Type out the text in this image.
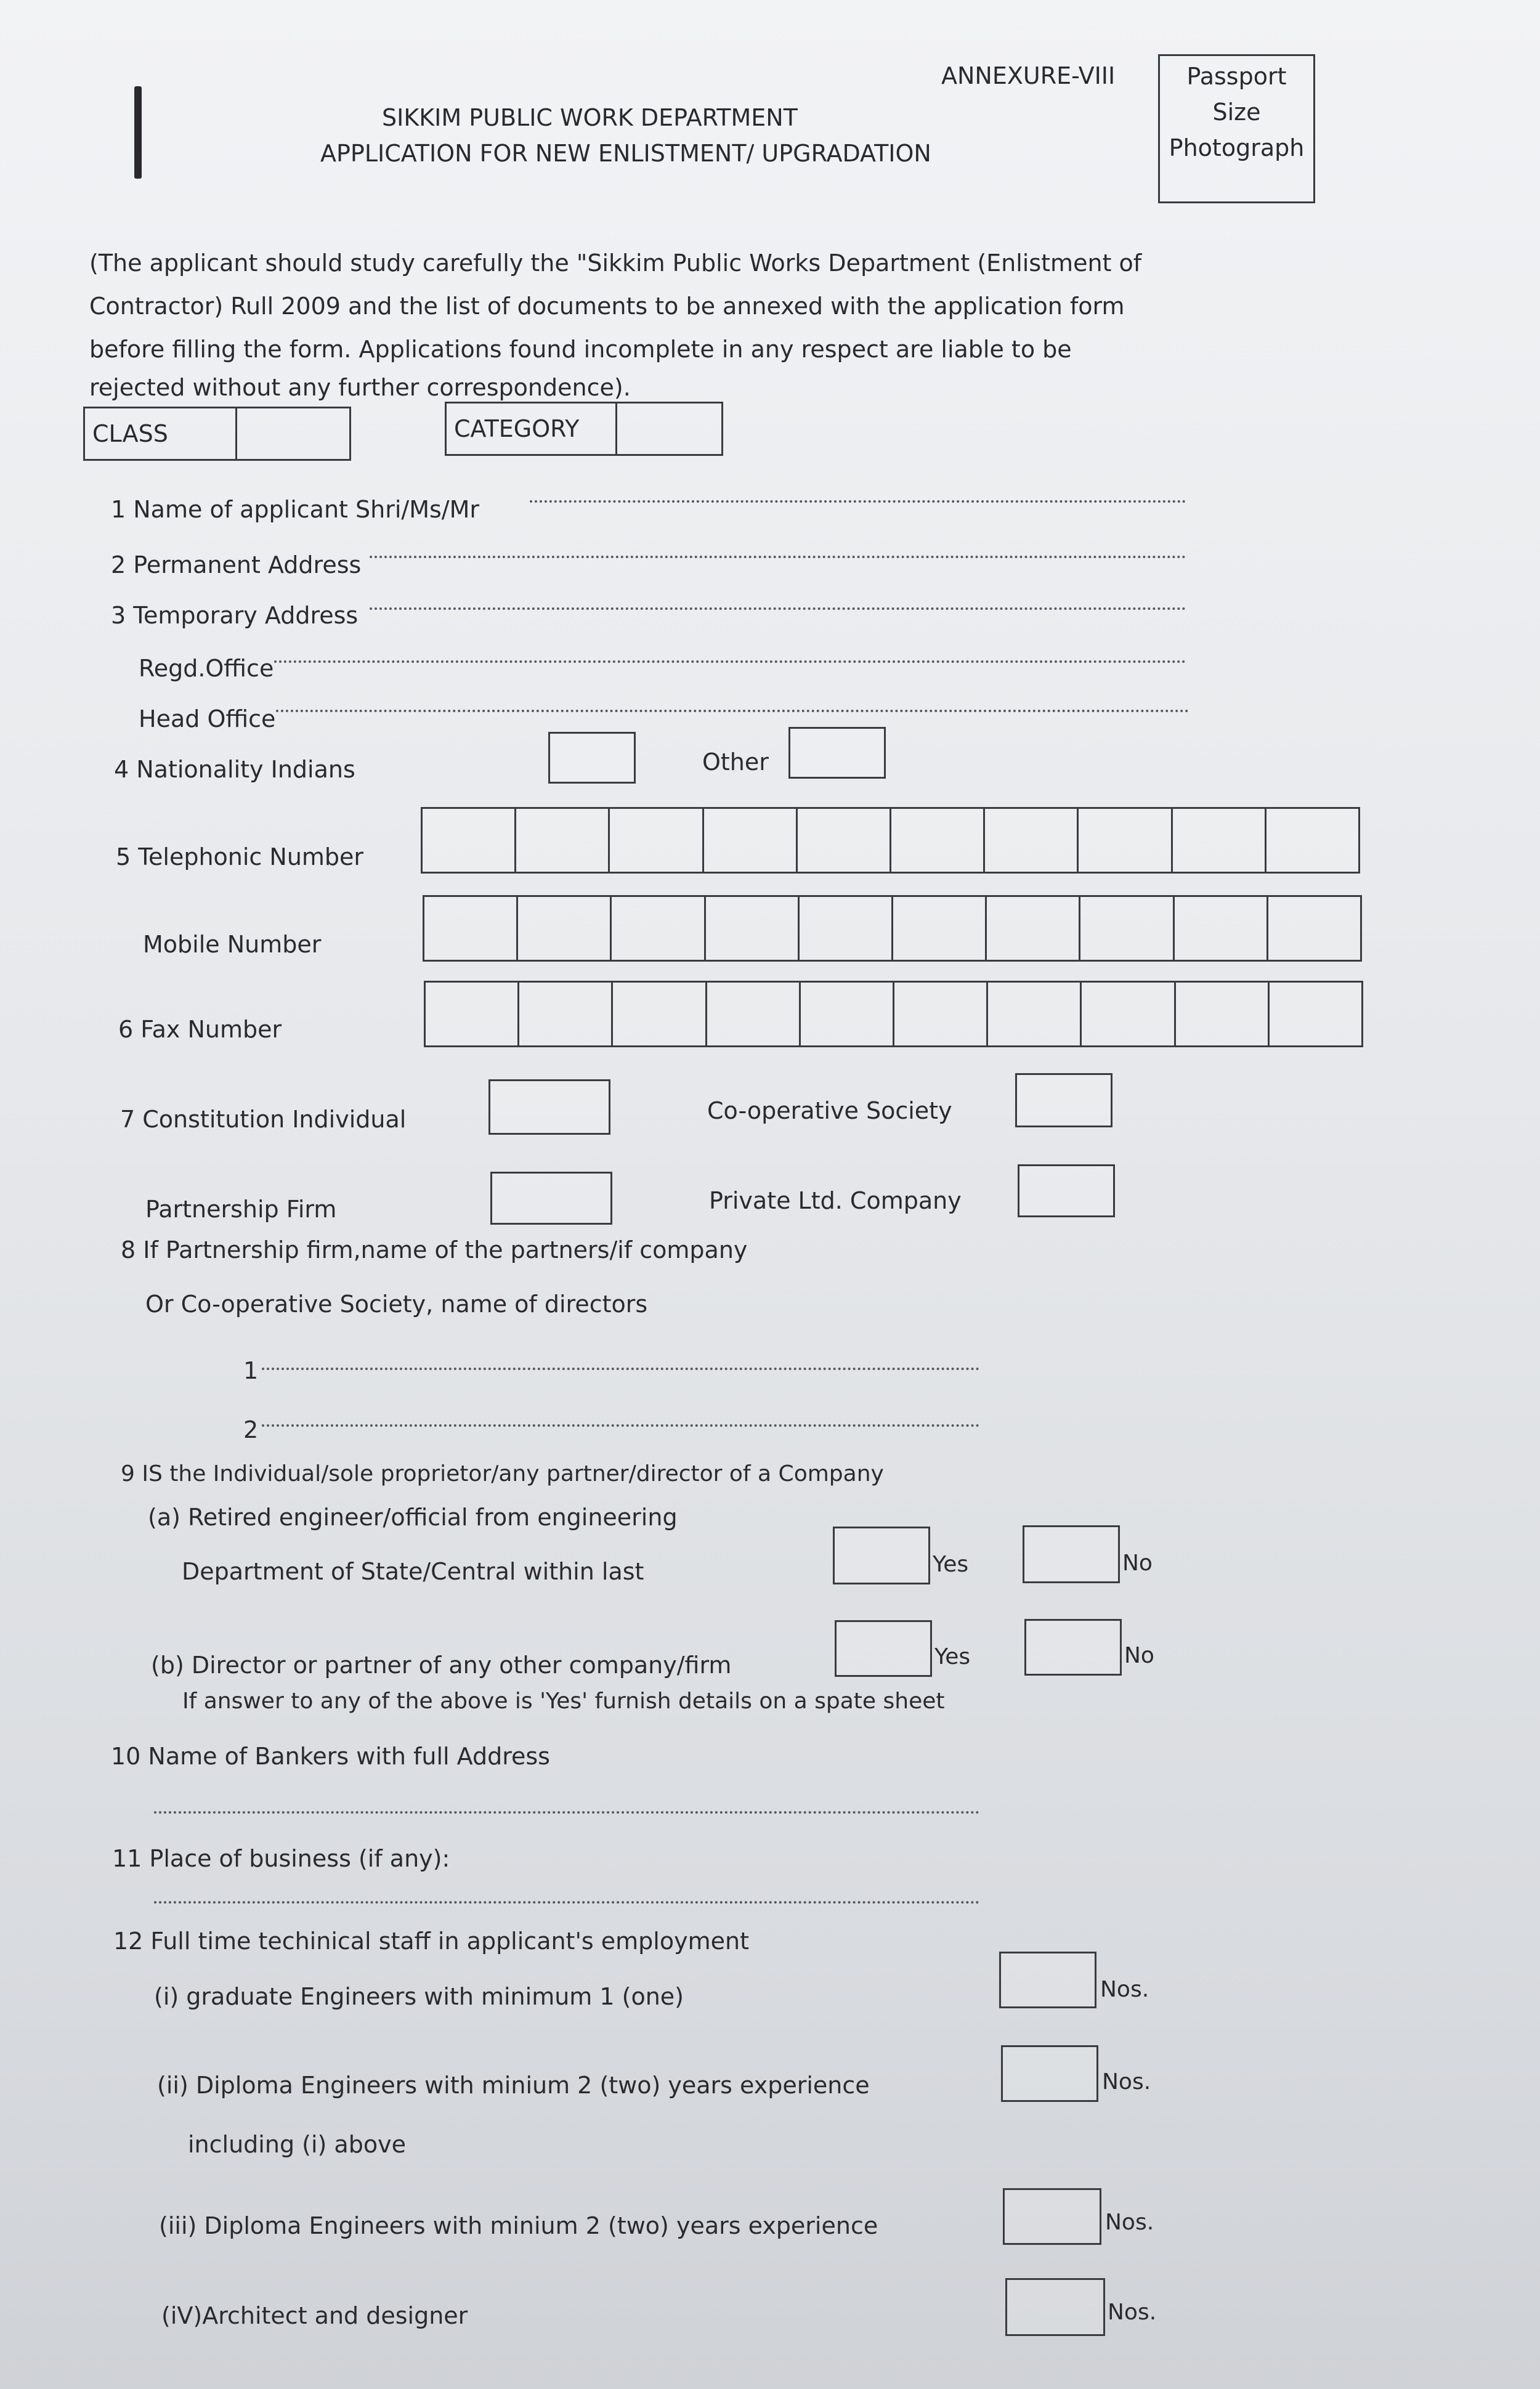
ANNEXURE-VIII
SIKKIM PUBLIC WORK DEPARTMENT
APPLICATION FOR NEW ENLISTMENT/ UPGRADATION
Passport
Size
Photograph
(The applicant should study carefully the "Sikkim Public Works Department (Enlistment of
Contractor) Rull 2009 and the list of documents to be annexed with the application form
before filling the form. Applications found incomplete in any respect are liable to be
rejected without any further correspondence).
CLASS	CATEGORY
1 Name of applicant Shri/Ms/Mr
2 Permanent Address
3 Temporary Address
Regd.Office
Head Office
4 Nationality Indians	Other
5 Telephonic Number
Mobile Number
6 Fax Number
7 Constitution Individual	Co-operative Society
Partnership Firm	Private Ltd. Company
8 If Partnership firm,name of the partners/if company
Or Co-operative Society, name of directors
1
2
9 IS the Individual/sole proprietor/any partner/director of a Company
(a) Retired engineer/official from engineering
Department of State/Central within last	Yes	No
(b) Director or partner of any other company/firm	Yes	No
If answer to any of the above is 'Yes' furnish details on a spate sheet
10 Name of Bankers with full Address
11 Place of business (if any):
12 Full time techinical staff in applicant's employment
(i) graduate Engineers with minimum 1 (one)	Nos.
(ii) Diploma Engineers with minium 2 (two) years experience
including (i) above
Nos.
(iii) Diploma Engineers with minium 2 (two) years experience	Nos.
(iV)Architect and designer	Nos.
